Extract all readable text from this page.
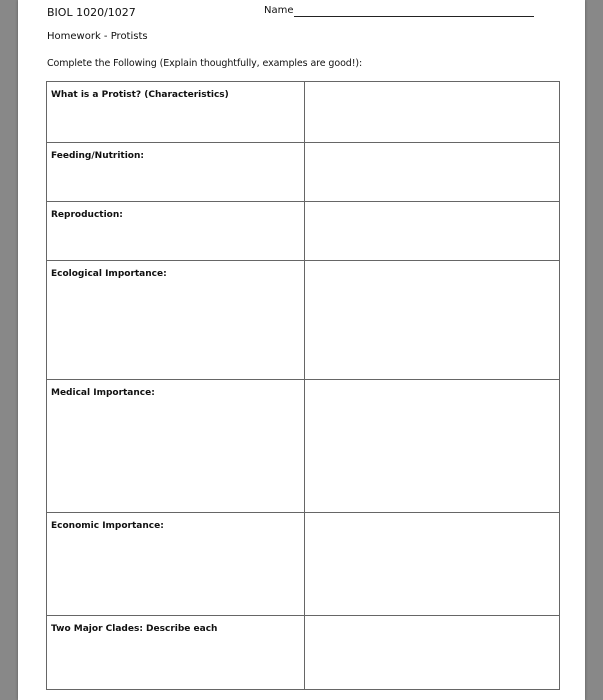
BIOL 1020/1027	Name
Homework - Protists
Complete the Following (Explain thoughtfully, examples are good!):
What is a Protist? (Characteristics)	
Feeding/Nutrition:	
Reproduction:	
Ecological Importance:	
Medical Importance:	
Economic Importance:	
Two Major Clades: Describe each	
